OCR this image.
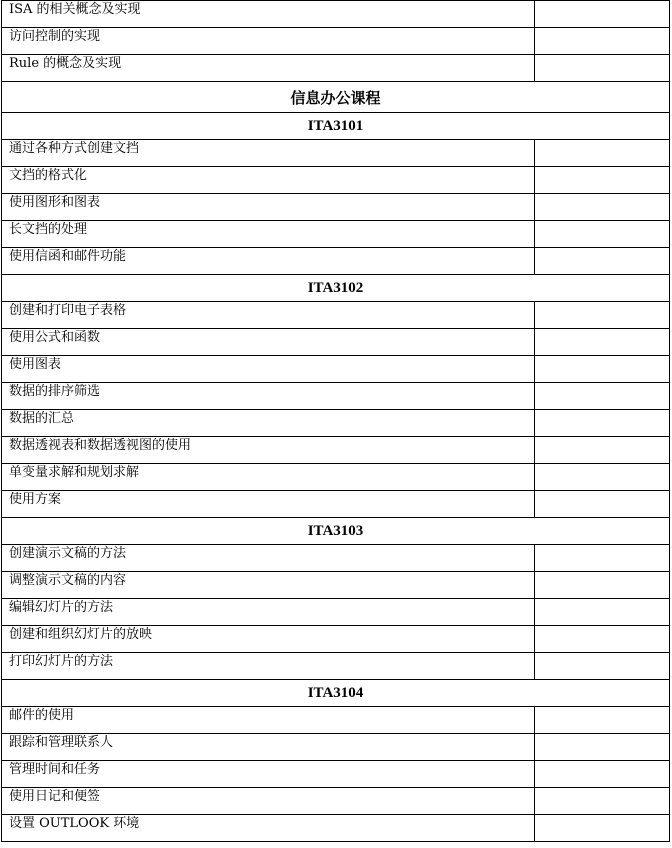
ISA 的相关概念及实现	
访问控制的实现	
Rule 的概念及实现	
信息办公课程	
ITA3101	
通过各种方式创建文挡	
文挡的格式化	
使用图形和图表	
长文挡的处理	
使用信函和邮件功能	
ITA3102	
创建和打印电子表格	
使用公式和函数	
使用图表	
数据的排序筛选	
数据的汇总	
数据透视表和数据透视图的使用	
单变量求解和规划求解	
使用方案	
ITA3103	
创建演示文稿的方法	
调整演示文稿的内容	
编辑幻灯片的方法	
创建和组织幻灯片的放映	
打印幻灯片的方法	
ITA3104	
邮件的使用	
跟踪和管理联系人	
管理时间和任务	
使用日记和便签	
设置 OUTLOOK 环境	
